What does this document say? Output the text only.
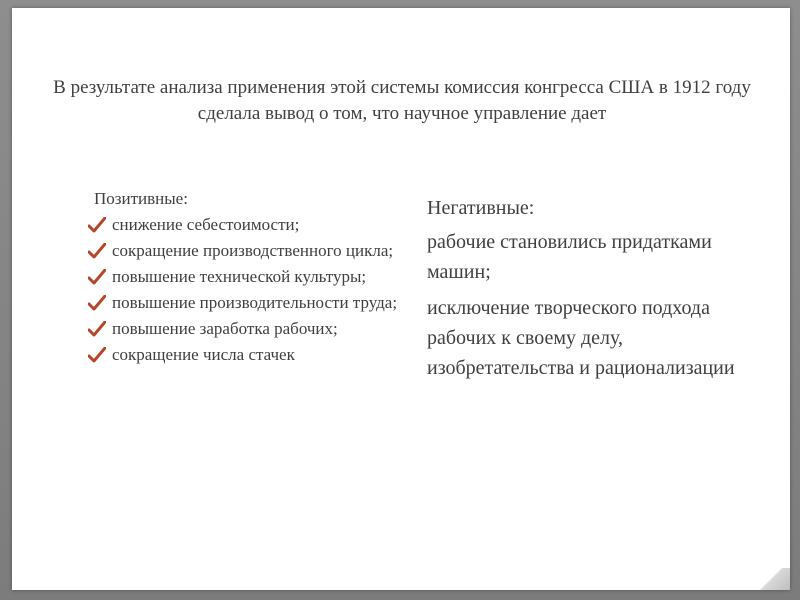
В результате анализа применения этой системы комиссия конгресса США в 1912 году сделала вывод о том, что научное управление дает
Позитивные:
снижение себестоимости;
сокращение производственного цикла;
повышение технической культуры;
повышение производительности труда;
повышение заработка рабочих;
сокращение числа стачек
Негативные:
рабочие становились придатками машин;
исключение творческого подхода рабочих к своему делу, изобретательства и рационализации
